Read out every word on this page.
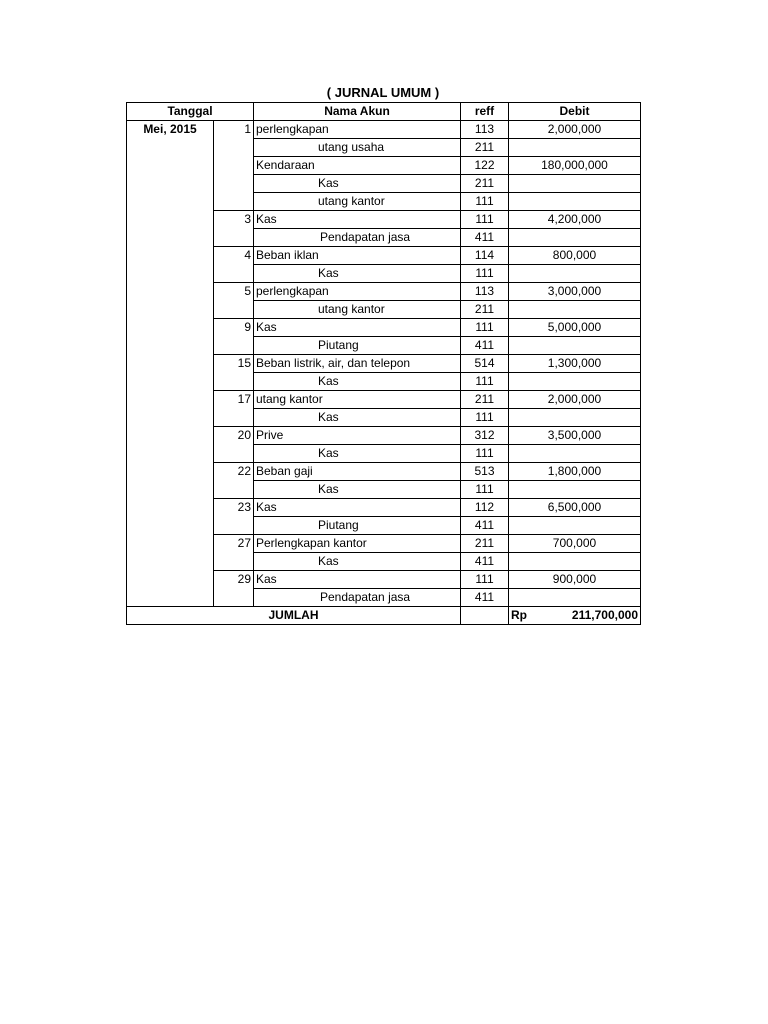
( JURNAL UMUM )
Tanggal		Nama Akun	reff	Debit
Mei, 2015	1	perlengkapan	113	2,000,000
		utang usaha	211	
		Kendaraan	122	180,000,000
		Kas	211	
		utang kantor	111	
	3	Kas	111	4,200,000
		Pendapatan jasa	411	
	4	Beban iklan	114	800,000
		Kas	111	
	5	perlengkapan	113	3,000,000
		utang kantor	211	
	9	Kas	111	5,000,000
		Piutang	411	
	15	Beban listrik, air, dan telepon	514	1,300,000
		Kas	111	
	17	utang kantor	211	2,000,000
		Kas	111	
	20	Prive	312	3,500,000
		Kas	111	
	22	Beban gaji	513	1,800,000
		Kas	111	
	23	Kas	112	6,500,000
		Piutang	411	
	27	Perlengkapan kantor	211	700,000
		Kas	411	
	29	Kas	111	900,000
		Pendapatan jasa	411	
JUMLAH				Rp 211,700,000
